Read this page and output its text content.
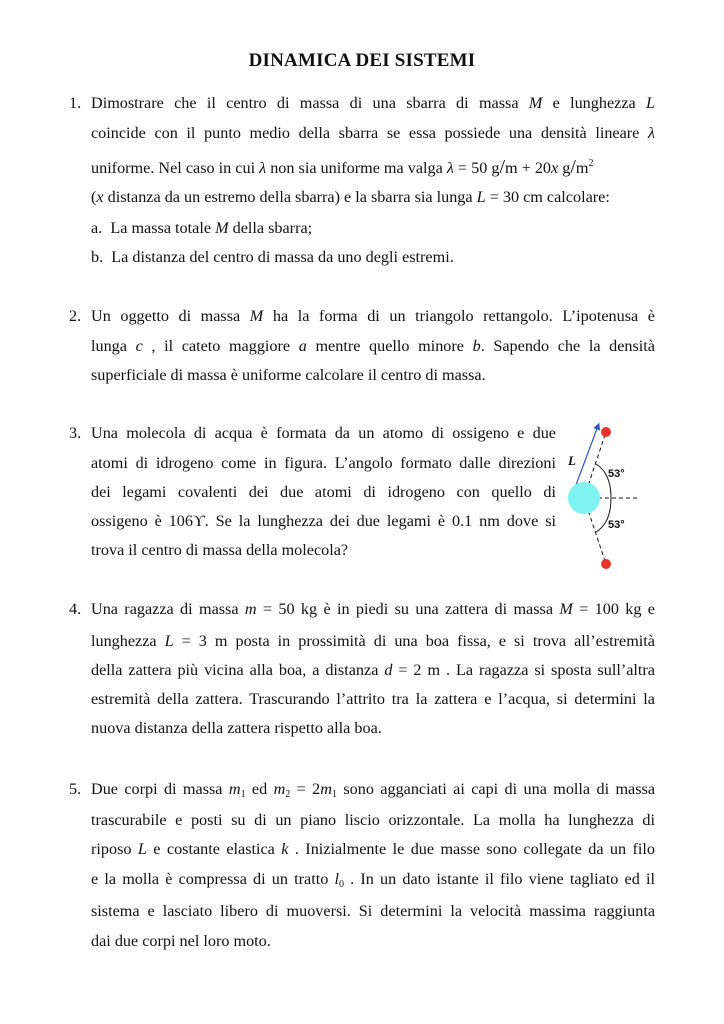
DINAMICA DEI SISTEMI
1. Dimostrare che il centro di massa di una sbarra di massa M e lunghezza L
coincide con il punto medio della sbarra se essa possiede una densità lineare λ
uniforme. Nel caso in cui λ non sia uniforme ma valga λ = 50 g/m + 20x $g/m^2$
(x distanza da un estremo della sbarra) e la sbarra sia lunga L = 30 cm calcolare:
a. La massa totale M della sbarra;
b. La distanza del centro di massa da uno degli estremi.
2. Un oggetto di massa M ha la forma di un triangolo rettangolo. L’ipotenusa è
lunga c , il cateto maggiore a mentre quello minore b. Sapendo che la densità
superficiale di massa è uniforme calcolare il centro di massa.
3. Una molecola di acqua è formata da un atomo di ossigeno e due
atomi di idrogeno come in figura. L’angolo formato dalle direzioni
dei legami covalenti dei due atomi di idrogeno con quello di
ossigeno è 106ϒ. Se la lunghezza dei due legami è 0.1 nm dove si
trova il centro di massa della molecola?
L
53°
53°
4. Una ragazza di massa m = 50 kg è in piedi su una zattera di massa M = 100 kg e
lunghezza L = 3 m posta in prossimità di una boa fissa, e si trova all’estremità
della zattera più vicina alla boa, a distanza d = 2 m . La ragazza si sposta sull’altra
estremità della zattera. Trascurando l’attrito tra la zattera e l’acqua, si determini la
nuova distanza della zattera rispetto alla boa.
5. Due corpi di massa $m_1$ ed $m_2 = 2m_1$ sono agganciati ai capi di una molla di massa
trascurabile e posti su di un piano liscio orizzontale. La molla ha lunghezza di
riposo L e costante elastica k . Inizialmente le due masse sono collegate da un filo
e la molla è compressa di un tratto $l_0$ . In un dato istante il filo viene tagliato ed il
sistema e lasciato libero di muoversi. Si determini la velocità massima raggiunta
dai due corpi nel loro moto.
